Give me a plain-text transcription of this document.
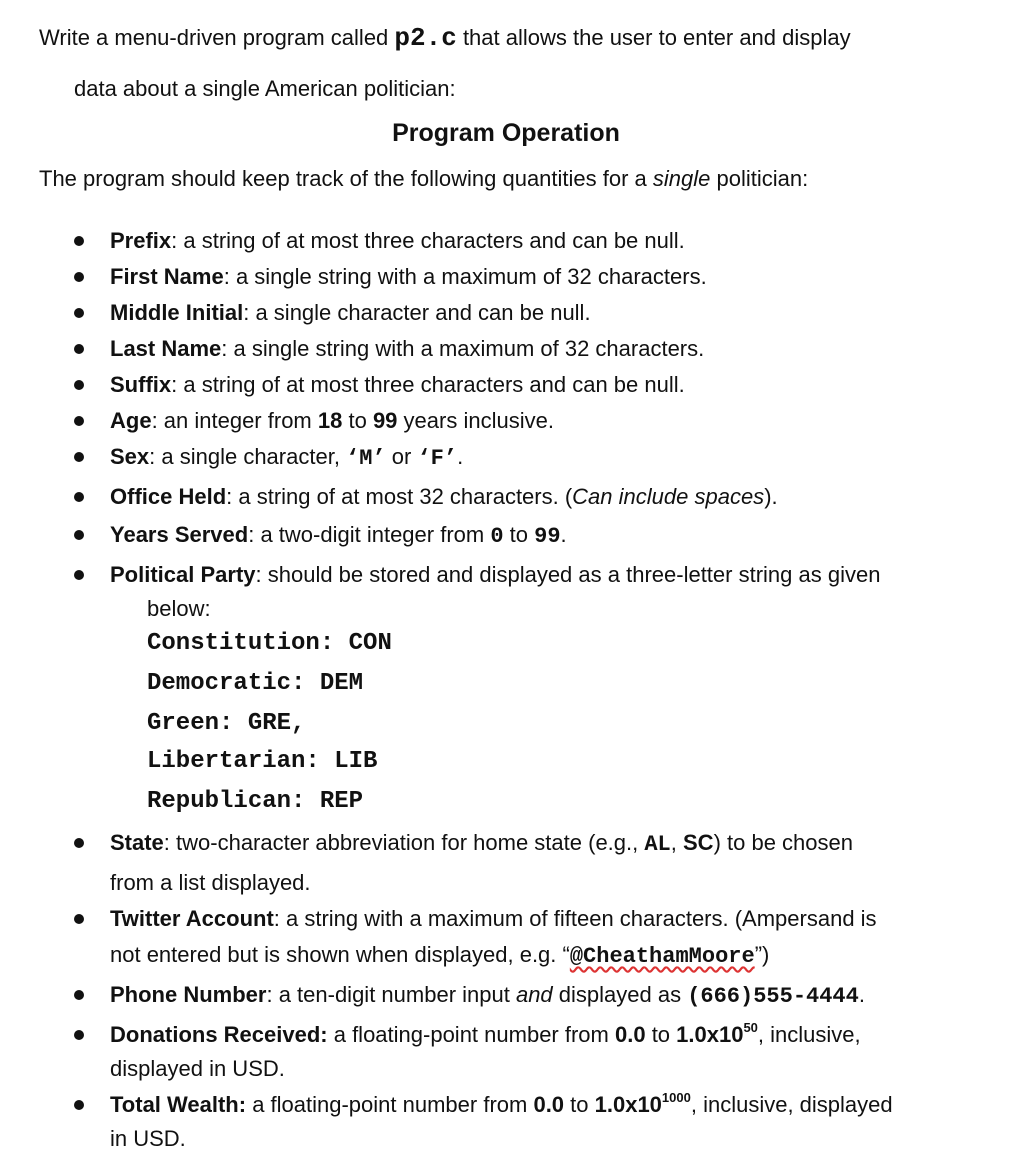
Write a menu-driven program called p2.c that allows the user to enter and display
data about a single American politician:
Program Operation
The program should keep track of the following quantities for a single politician:
Prefix: a string of at most three characters and can be null.
First Name: a single string with a maximum of 32 characters.
Middle Initial: a single character and can be null.
Last Name: a single string with a maximum of 32 characters.
Suffix: a string of at most three characters and can be null.
Age: an integer from 18 to 99 years inclusive.
Sex: a single character, ‘M’ or ‘F’.
Office Held: a string of at most 32 characters. (Can include spaces).
Years Served: a two-digit integer from 0 to 99.
Political Party: should be stored and displayed as a three-letter string as given
below:
Constitution: CON
Democratic: DEM
Green: GRE,
Libertarian: LIB
Republican: REP
State: two-character abbreviation for home state (e.g., AL, SC) to be chosen
from a list displayed.
Twitter Account: a string with a maximum of fifteen characters. (Ampersand is
not entered but is shown when displayed, e.g. “@CheathamMoore”)
Phone Number: a ten-digit number input and displayed as (666)555-4444.
Donations Received: a floating-point number from 0.0 to $1.0x10^{50}$, inclusive,
displayed in USD.
Total Wealth: a floating-point number from 0.0 to $1.0x10^{1000}$, inclusive, displayed
in USD.
